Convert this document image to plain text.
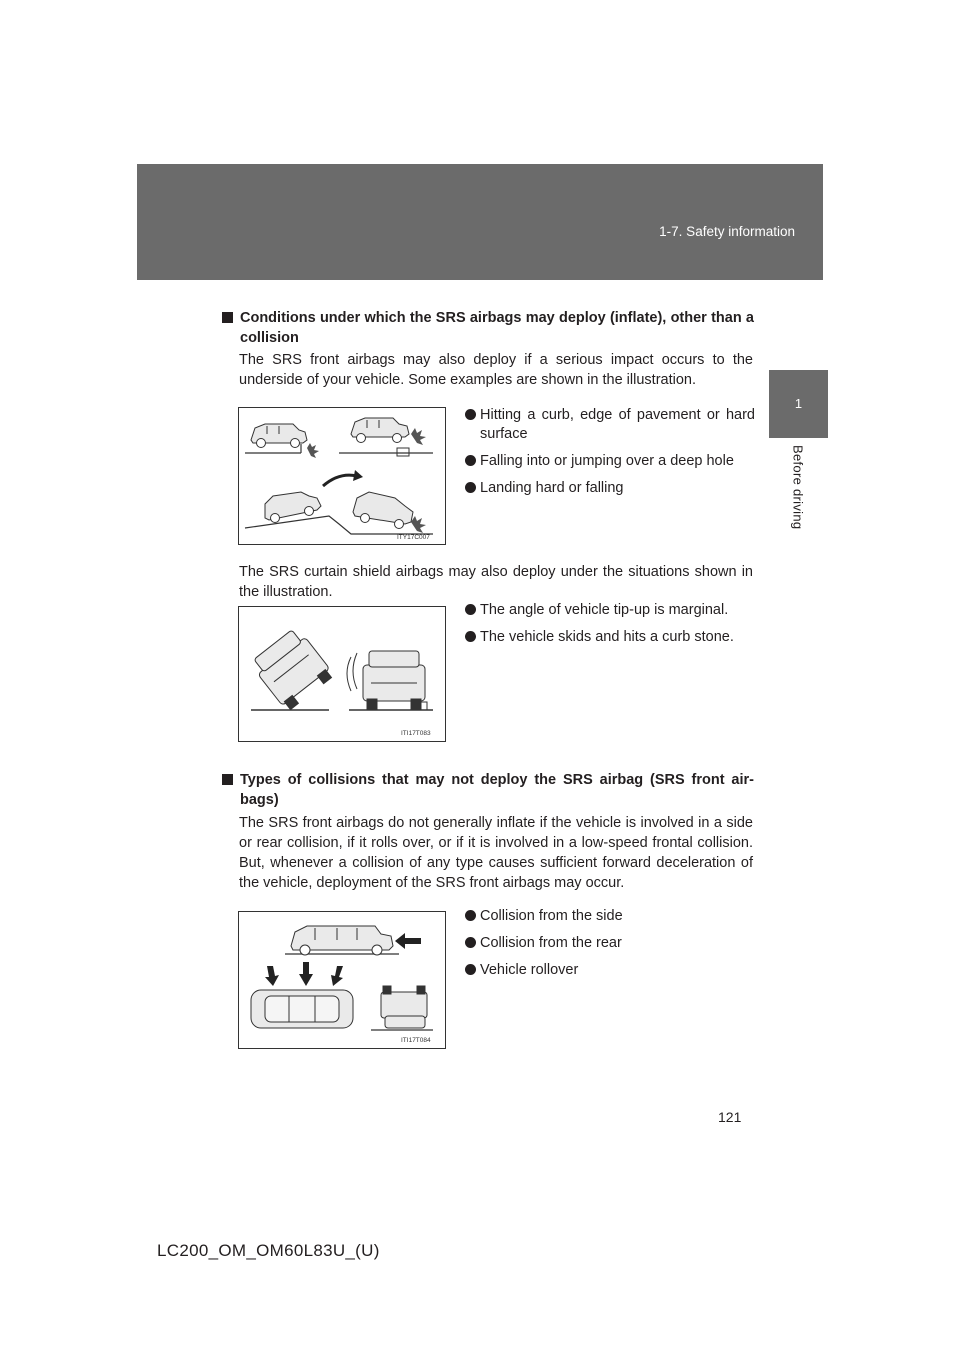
1-7. Safety information
1
Before driving
Conditions under which the SRS airbags may deploy (inflate), other than a collision
The SRS front airbags may also deploy if a serious impact occurs to the underside of your vehicle. Some examples are shown in the illustration.
ITY17C007
Hitting a curb, edge of pavement or hard surface
Falling into or jumping over a deep hole
Landing hard or falling
The SRS curtain shield airbags may also deploy under the situations shown in the illustration.
ITI17T083
The angle of vehicle tip-up is marginal.
The vehicle skids and hits a curb stone.
Types of collisions that may not deploy the SRS airbag (SRS front air-bags)
The SRS front airbags do not generally inflate if the vehicle is involved in a side or rear collision, if it rolls over, or if it is involved in a low-speed frontal collision. But, whenever a collision of any type causes sufficient forward deceleration of the vehicle, deployment of the SRS front airbags may occur.
ITI17T084
Collision from the side
Collision from the rear
Vehicle rollover
121
LC200_OM_OM60L83U_(U)
